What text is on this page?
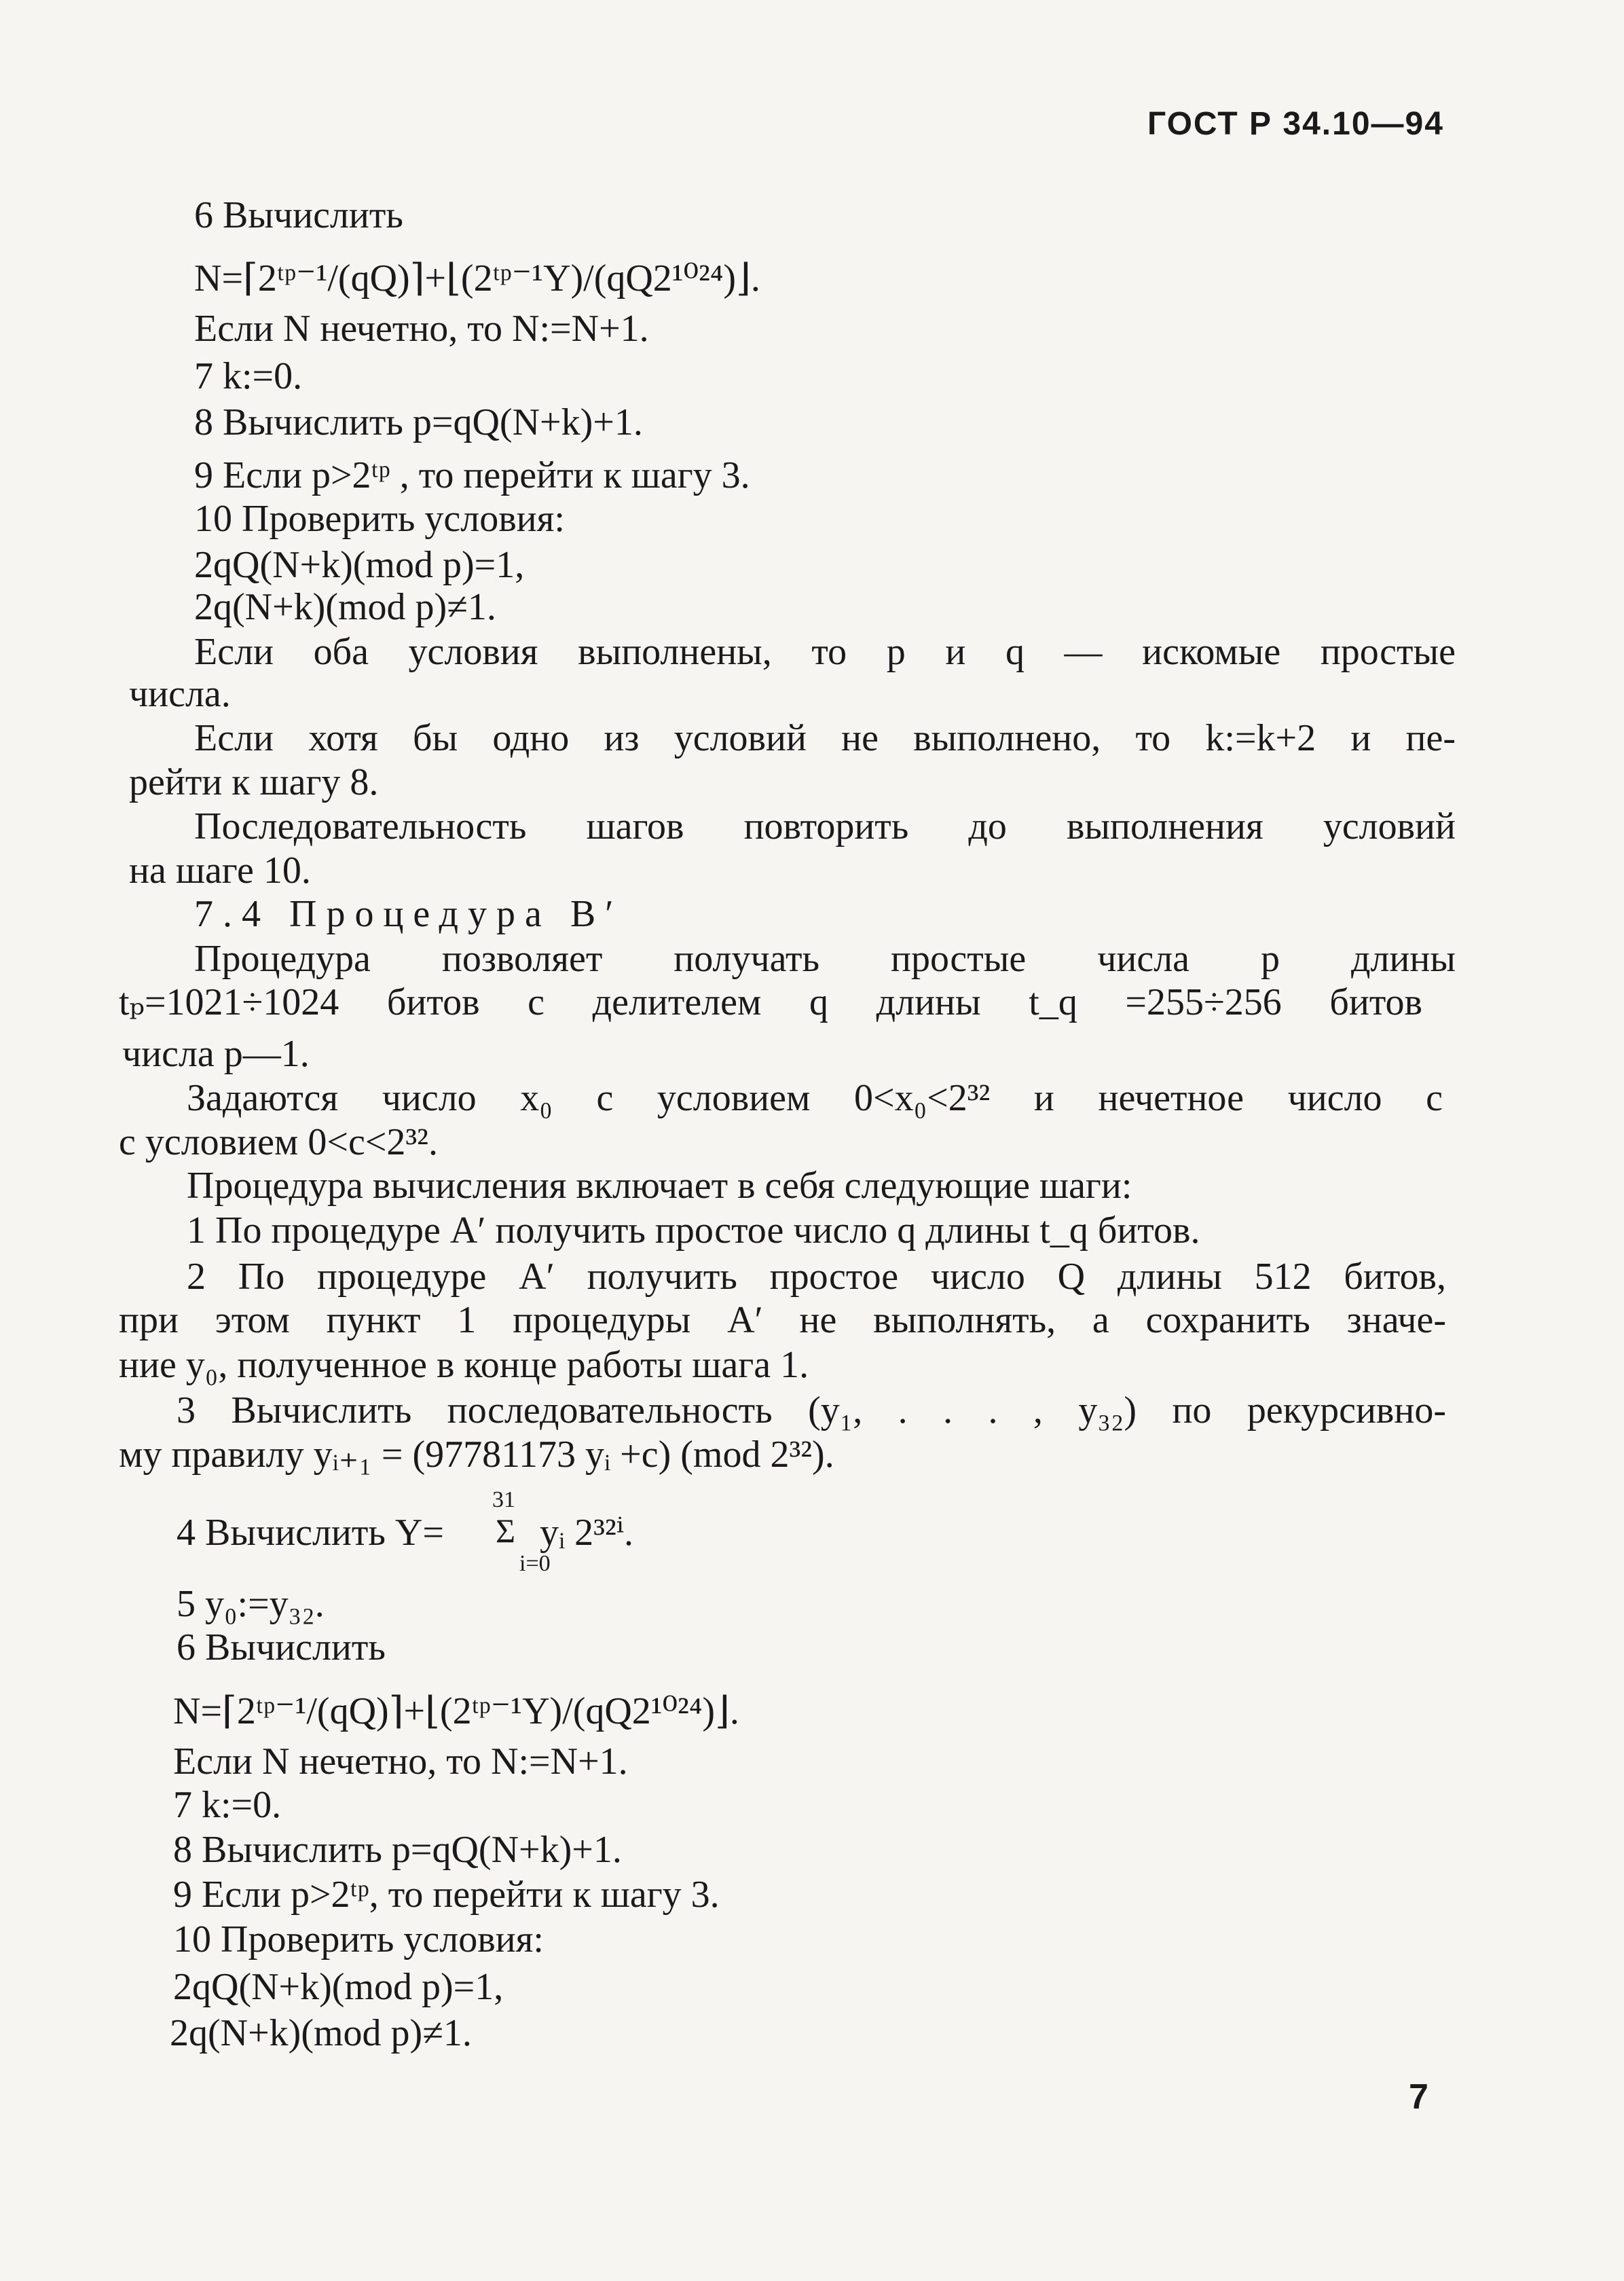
ГОСТ Р 34.10—94
6 Вычислить
N=⌈2ᵗᵖ⁻¹/(qQ)⌉+⌊(2ᵗᵖ⁻¹Y)/(qQ2¹⁰²⁴)⌋.
Если N нечетно, то N:=N+1.
7 k:=0.
8 Вычислить p=qQ(N+k)+1.
9 Если p>2ᵗᵖ , то перейти к шагу 3.
10 Проверить условия:
2qQ(N+k)(mod p)=1,
2q(N+k)(mod p)≠1.
Если оба условия выполнены, то p и q — искомые простые
числа.
Если хотя бы одно из условий не выполнено, то k:=k+2 и пе-
рейти к шагу 8.
Последовательность шагов повторить до выполнения условий
на шаге 10.
7.4 Процедура B′
Процедура позволяет получать простые числа p длины
tₚ=1021÷1024 битов с делителем q длины t_q =255÷256 битов
числа p—1.
Задаются число x₀ с условием 0<x₀<2³² и нечетное число c
с условием 0<c<2³².
Процедура вычисления включает в себя следующие шаги:
1 По процедуре A′ получить простое число q длины t_q битов.
2 По процедуре A′ получить простое число Q длины 512 битов,
при этом пункт 1 процедуры A′ не выполнять, а сохранить значе-
ние y₀, полученное в конце работы шага 1.
3 Вычислить последовательность (y₁, . . . , y₃₂) по рекурсивно-
му правилу yᵢ₊₁ = (97781173 yᵢ +c) (mod 2³²).
4 Вычислить Y=
31
Σ
i=0
yᵢ 2³²ⁱ.
5 y₀:=y₃₂.
6 Вычислить
N=⌈2ᵗᵖ⁻¹/(qQ)⌉+⌊(2ᵗᵖ⁻¹Y)/(qQ2¹⁰²⁴)⌋.
Если N нечетно, то N:=N+1.
7 k:=0.
8 Вычислить p=qQ(N+k)+1.
9 Если p>2ᵗᵖ, то перейти к шагу 3.
10 Проверить условия:
2qQ(N+k)(mod p)=1,
2q(N+k)(mod p)≠1.
7
